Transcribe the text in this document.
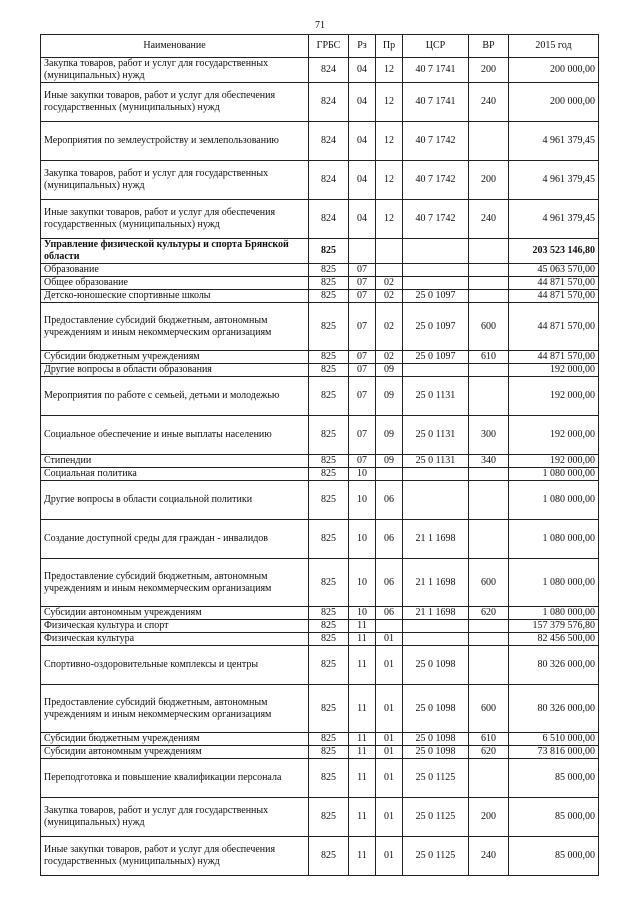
71
Наименование	ГРБС	Рз	Пр	ЦСР	ВР	2015 год
Закупка товаров, работ и услуг для государственных (муниципальных) нужд	824	04	12	40 7 1741	200	200 000,00
Иные закупки товаров, работ и услуг для обеспечения государственных (муниципальных) нужд	824	04	12	40 7 1741	240	200 000,00
Мероприятия по землеустройству и землепользованию	824	04	12	40 7 1742		4 961 379,45
Закупка товаров, работ и услуг для государственных (муниципальных) нужд	824	04	12	40 7 1742	200	4 961 379,45
Иные закупки товаров, работ и услуг для обеспечения государственных (муниципальных) нужд	824	04	12	40 7 1742	240	4 961 379,45
Управление физической культуры и спорта Брянской области	825					203 523 146,80
Образование	825	07				45 063 570,00
Общее образование	825	07	02			44 871 570,00
Детско-юношеские спортивные школы	825	07	02	25 0 1097		44 871 570,00
Предоставление субсидий бюджетным, автономным учреждениям и иным некоммерческим организациям	825	07	02	25 0 1097	600	44 871 570,00
Субсидии бюджетным учреждениям	825	07	02	25 0 1097	610	44 871 570,00
Другие вопросы в области образования	825	07	09			192 000,00
Мероприятия по работе с семьей, детьми и молодежью	825	07	09	25 0 1131		192 000,00
Социальное обеспечение и иные выплаты населению	825	07	09	25 0 1131	300	192 000,00
Стипендии	825	07	09	25 0 1131	340	192 000,00
Социальная политика	825	10				1 080 000,00
Другие вопросы в области социальной политики	825	10	06			1 080 000,00
Создание доступной среды для граждан - инвалидов	825	10	06	21 1 1698		1 080 000,00
Предоставление субсидий бюджетным, автономным учреждениям и иным некоммерческим организациям	825	10	06	21 1 1698	600	1 080 000,00
Субсидии автономным учреждениям	825	10	06	21 1 1698	620	1 080 000,00
Физическая культура и спорт	825	11				157 379 576,80
Физическая культура	825	11	01			82 456 500,00
Спортивно-оздоровительные комплексы и центры	825	11	01	25 0 1098		80 326 000,00
Предоставление субсидий бюджетным, автономным учреждениям и иным некоммерческим организациям	825	11	01	25 0 1098	600	80 326 000,00
Субсидии бюджетным учреждениям	825	11	01	25 0 1098	610	6 510 000,00
Субсидии автономным учреждениям	825	11	01	25 0 1098	620	73 816 000,00
Переподготовка и повышение квалификации персонала	825	11	01	25 0 1125		85 000,00
Закупка товаров, работ и услуг для государственных (муниципальных) нужд	825	11	01	25 0 1125	200	85 000,00
Иные закупки товаров, работ и услуг для обеспечения государственных (муниципальных) нужд	825	11	01	25 0 1125	240	85 000,00
